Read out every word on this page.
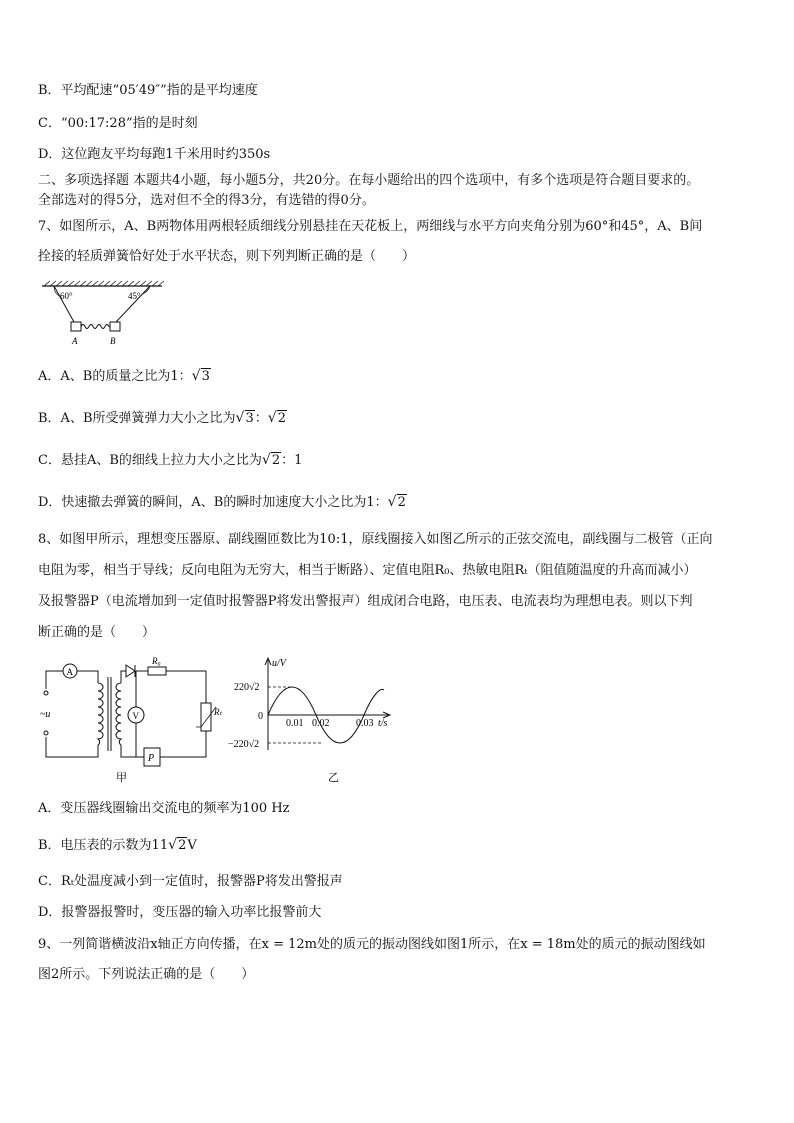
B．平均配速“05′49″”指的是平均速度
C．“00:17:28”指的是时刻
D．这位跑友平均每跑1千米用时约350s
二、多项选择题 本题共4小题，每小题5分，共20分。在每小题给出的四个选项中，有多个选项是符合题目要求的。
全部选对的得5分，选对但不全的得3分，有选错的得0分。
7、如图所示，A、B两物体用两根轻质细线分别悬挂在天花板上，两细线与水平方向夹角分别为60°和45°，A、B间
拴接的轻质弹簧恰好处于水平状态，则下列判断正确的是（　　）
60°	45°
A	B
A．A、B的质量之比为1： √ 3
B．A、B所受弹簧弹力大小之比为 √ 3： √ 2
C．悬挂A、B的细线上拉力大小之比为 √ 2：1
D．快速撤去弹簧的瞬间，A、B的瞬时加速度大小之比为1： √ 2
8、如图甲所示，理想变压器原、副线圈匝数比为10:1，原线圈接入如图乙所示的正弦交流电，副线圈与二极管（正向
电阻为零，相当于导线；反向电阻为无穷大，相当于断路）、定值电阻R₀、热敏电阻Rₜ（阻值随温度的升高而减小）
及报警器P（电流增加到一定值时报警器P将发出警报声）组成闭合电路，电压表、电流表均为理想电表。则以下判
断正确的是（　　）
~u
A
R₀
V	Rₜ
P
甲
u/V
220√2
0
−220√2
0.01 0.02	0.03 t/s
乙
A．变压器线圈输出交流电的频率为100 Hz
B．电压表的示数为11 √ 2V
C．Rₜ处温度减小到一定值时，报警器P将发出警报声
D．报警器报警时，变压器的输入功率比报警前大
9、一列简谐横波沿x轴正方向传播，在x = 12m处的质元的振动图线如图1所示，在x = 18m处的质元的振动图线如
图2所示。下列说法正确的是（　　）
